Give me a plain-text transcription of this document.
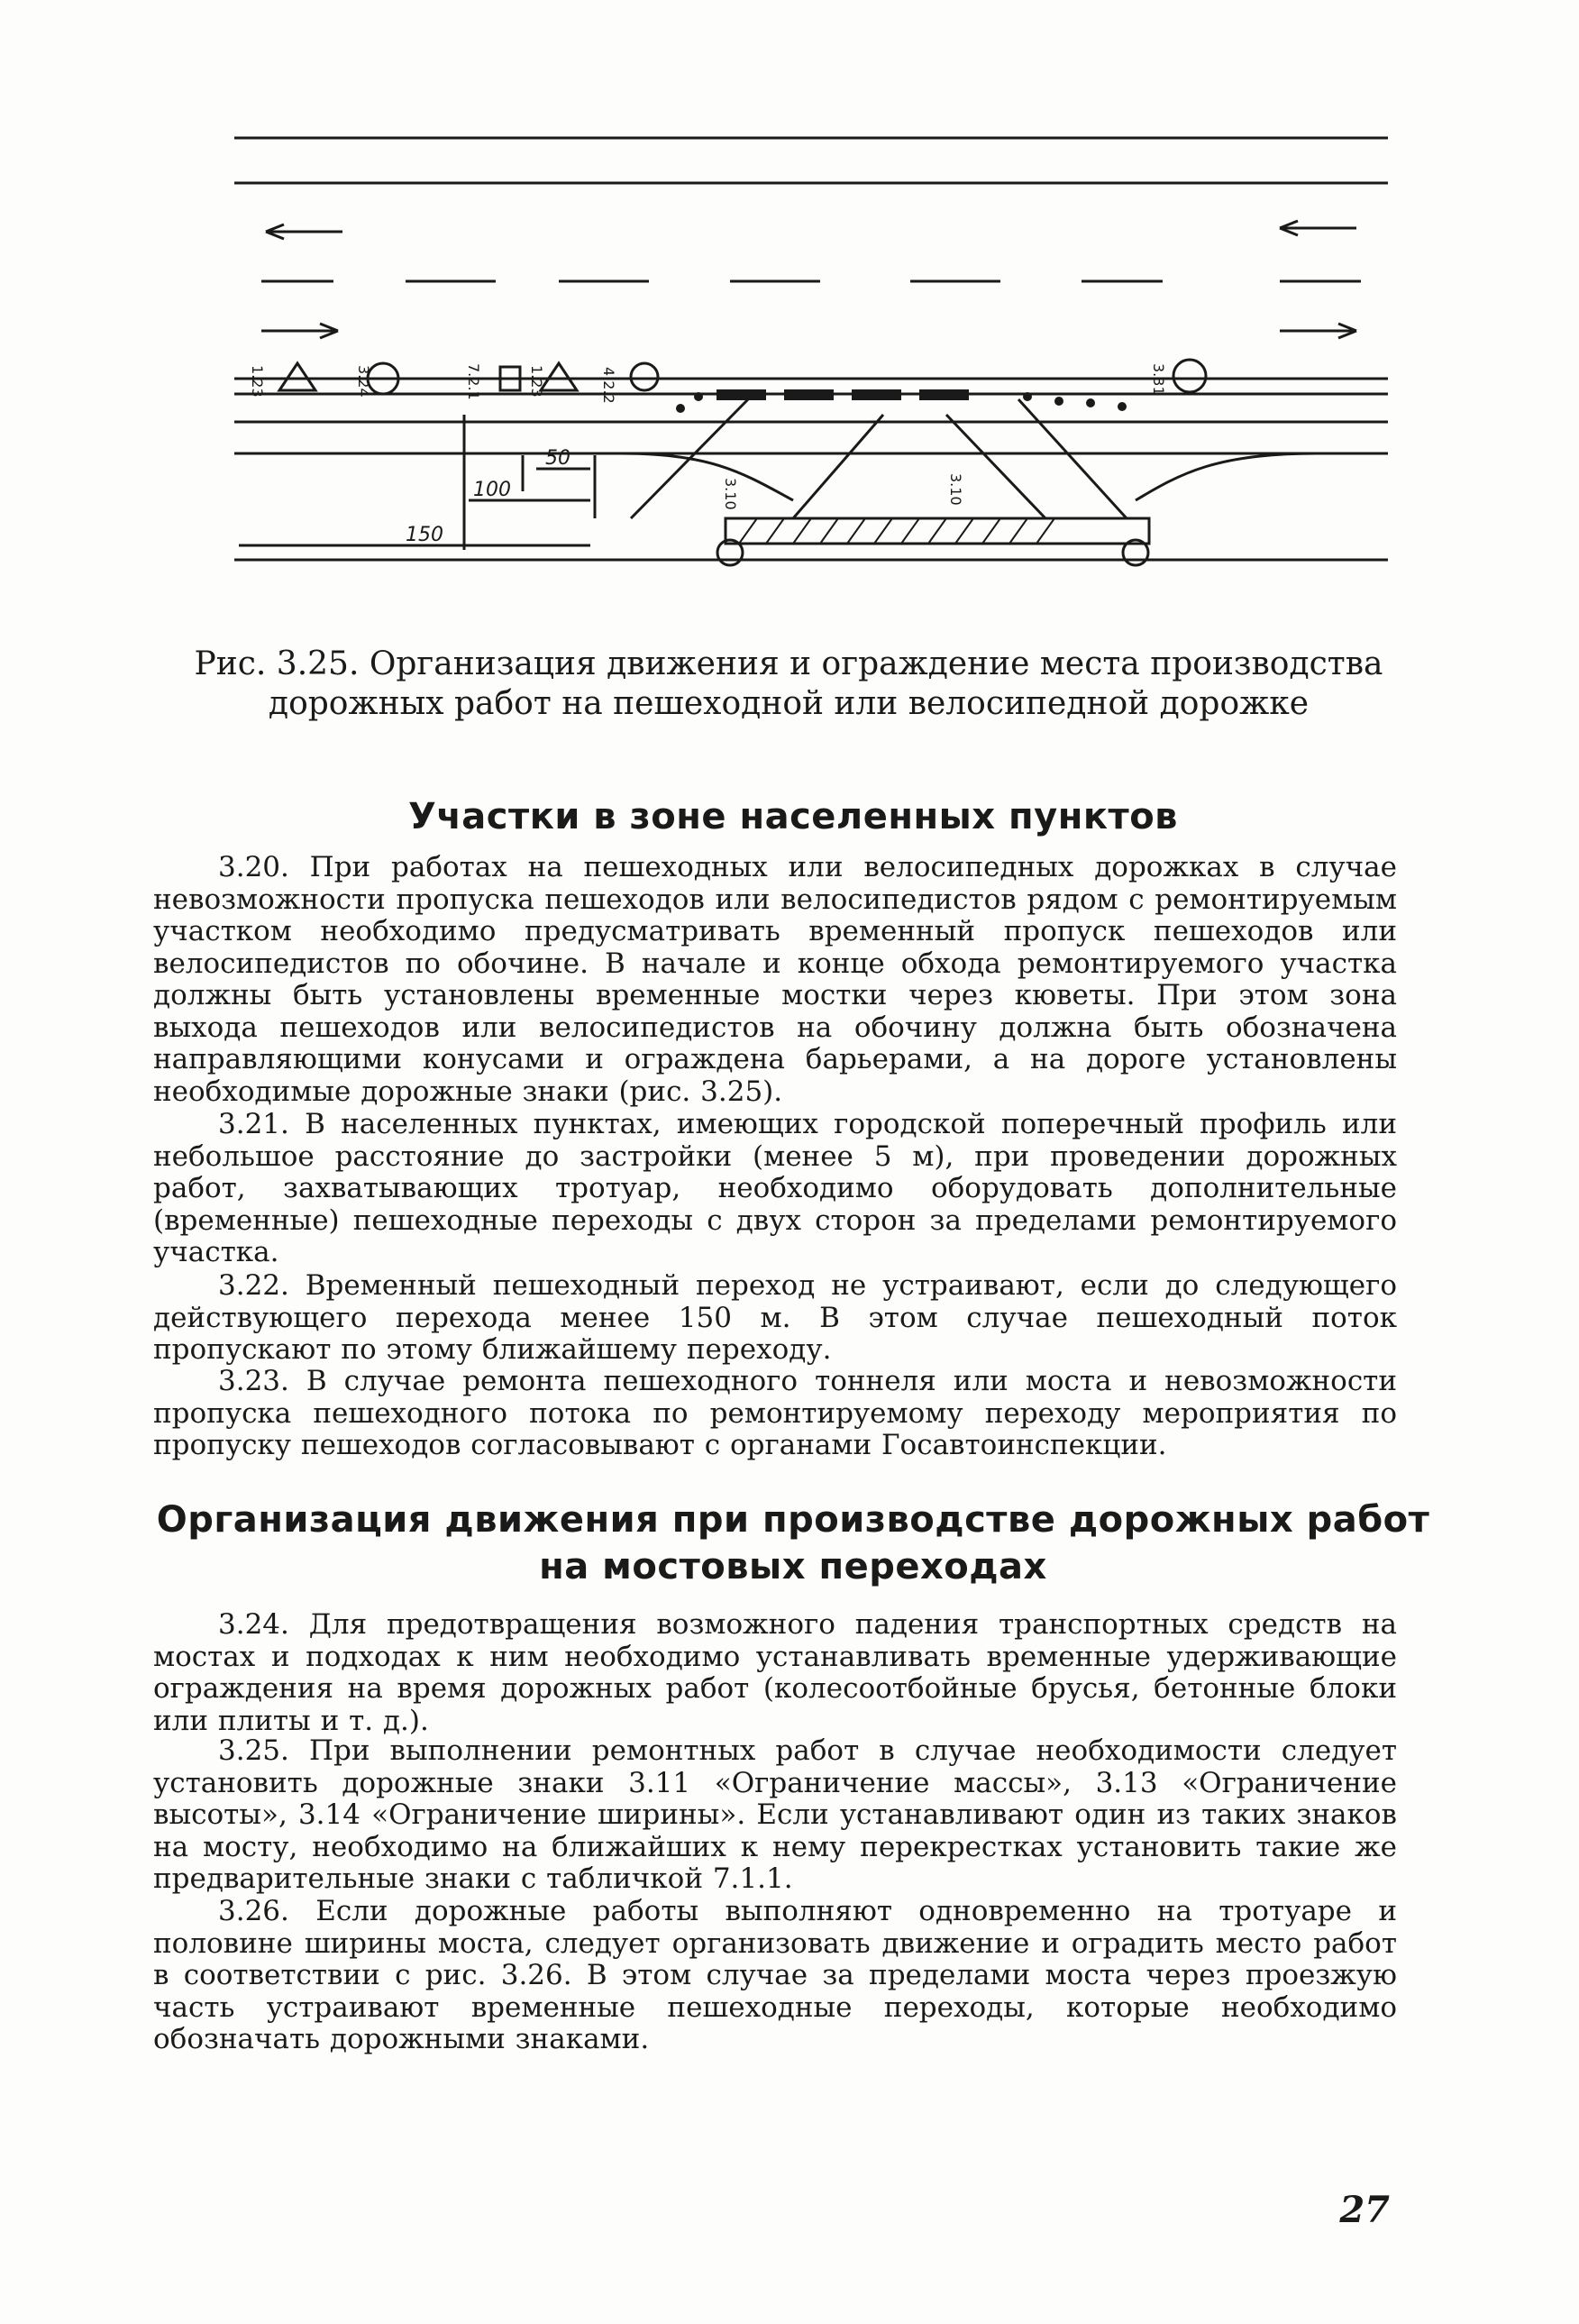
50
100
150
1.23	3.24	7.2.1	1.23	4.2.2	3.31
3.10	3.10

Рис. 3.25. Организация движения и ограждение места производства дорожных работ на пешеходной или велосипедной дорожке

Участки в зоне населенных пунктов

3.20. При работах на пешеходных или велосипедных дорожках в случае невозможности пропуска пешеходов или велосипедистов рядом с ремонтируемым участком необходимо предусматривать временный пропуск пешеходов или велосипедистов по обочине. В начале и конце обхода ремонтируемого участка должны быть установлены временные мостки через кюветы. При этом зона выхода пешеходов или велосипедистов на обочину должна быть обозначена направляющими конусами и ограждена барьерами, а на дороге установлены необходимые дорожные знаки (рис. 3.25).

3.21. В населенных пунктах, имеющих городской поперечный профиль или небольшое расстояние до застройки (менее 5 м), при проведении дорожных работ, захватывающих тротуар, необходимо оборудовать дополнительные (временные) пешеходные переходы с двух сторон за пределами ремонтируемого участка.

3.22. Временный пешеходный переход не устраивают, если до следующего действующего перехода менее 150 м. В этом случае пешеходный поток пропускают по этому ближайшему переходу.

3.23. В случае ремонта пешеходного тоннеля или моста и невозможности пропуска пешеходного потока по ремонтируемому переходу мероприятия по пропуску пешеходов согласовывают с органами Госавтоинспекции.

Организация движения при производстве дорожных работ на мостовых переходах

3.24. Для предотвращения возможного падения транспортных средств на мостах и подходах к ним необходимо устанавливать временные удерживающие ограждения на время дорожных работ (колесоотбойные брусья, бетонные блоки или плиты и т. д.).

3.25. При выполнении ремонтных работ в случае необходимости следует установить дорожные знаки 3.11 «Ограничение массы», 3.13 «Ограничение высоты», 3.14 «Ограничение ширины». Если устанавливают один из таких знаков на мосту, необходимо на ближайших к нему перекрестках установить такие же предварительные знаки с табличкой 7.1.1.

3.26. Если дорожные работы выполняют одновременно на тротуаре и половине ширины моста, следует организовать движение и оградить место работ в соответствии с рис. 3.26. В этом случае за пределами моста через проезжую часть устраивают временные пешеходные переходы, которые необходимо обозначать дорожными знаками.

27
